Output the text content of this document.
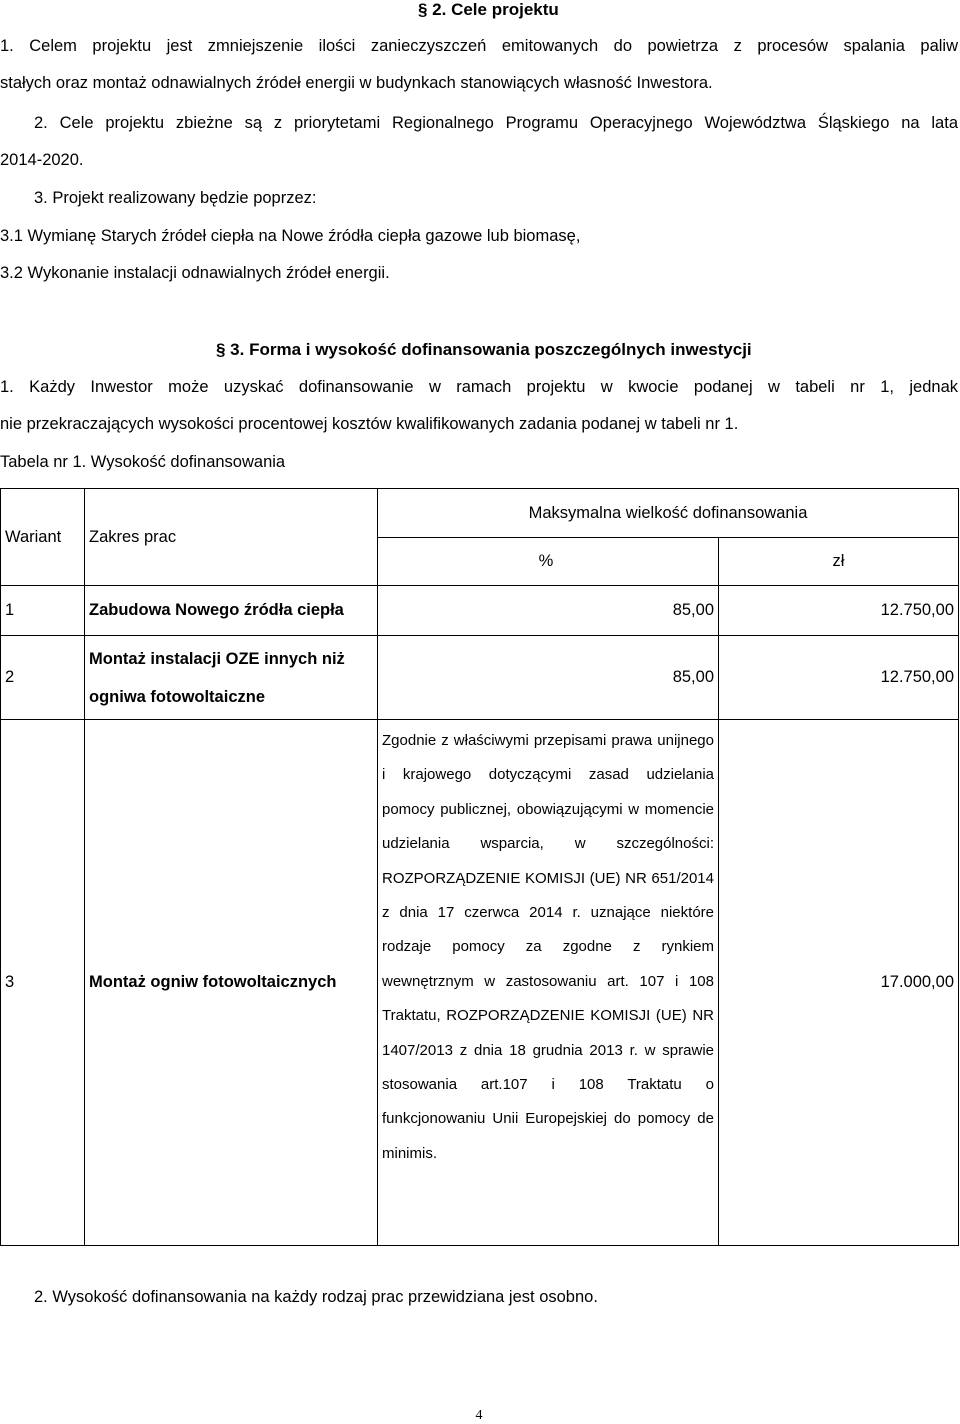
§ 2. Cele projektu
1. Celem projektu jest zmniejszenie ilości zanieczyszczeń emitowanych do powietrza z procesów spalania paliw
stałych oraz montaż odnawialnych źródeł energii w budynkach stanowiących własność Inwestora.
2. Cele projektu zbieżne są z priorytetami Regionalnego Programu Operacyjnego Województwa Śląskiego na lata
2014-2020.
3. Projekt realizowany będzie poprzez:
3.1 Wymianę Starych źródeł ciepła na Nowe źródła ciepła gazowe lub biomasę,
3.2 Wykonanie instalacji odnawialnych źródeł energii.
§ 3. Forma i wysokość dofinansowania poszczególnych inwestycji
1. Każdy Inwestor może uzyskać dofinansowanie w ramach projektu w kwocie podanej w tabeli nr 1, jednak
nie przekraczających wysokości procentowej kosztów kwalifikowanych zadania podanej w tabeli nr 1.
Tabela nr 1. Wysokość dofinansowania
Wariant	Zakres prac	Maksymalna wielkość dofinansowania	
		%	zł
1	Zabudowa Nowego źródła ciepła	85,00	12.750,00
2	Montaż instalacji OZE innych niż
ogniwa fotowoltaiczne	85,00	12.750,00
3	Montaż ogniw fotowoltaicznych	Zgodnie z właściwymi przepisami prawa unijnego i krajowego dotyczącymi zasad udzielania pomocy publicznej, obowiązującymi w momencie udzielania wsparcia, w szczególności: ROZPORZĄDZENIE KOMISJI (UE) NR 651/2014 z dnia 17 czerwca 2014 r. uznające niektóre rodzaje pomocy za zgodne z rynkiem wewnętrznym w zastosowaniu art. 107 i 108 Traktatu, ROZPORZĄDZENIE KOMISJI (UE) NR 1407/2013 z dnia 18 grudnia 2013 r. w sprawie stosowania art.107 i 108 Traktatu o funkcjonowaniu Unii Europejskiej do pomocy de minimis.	17.000,00
2. Wysokość dofinansowania na każdy rodzaj prac przewidziana jest osobno.
4
